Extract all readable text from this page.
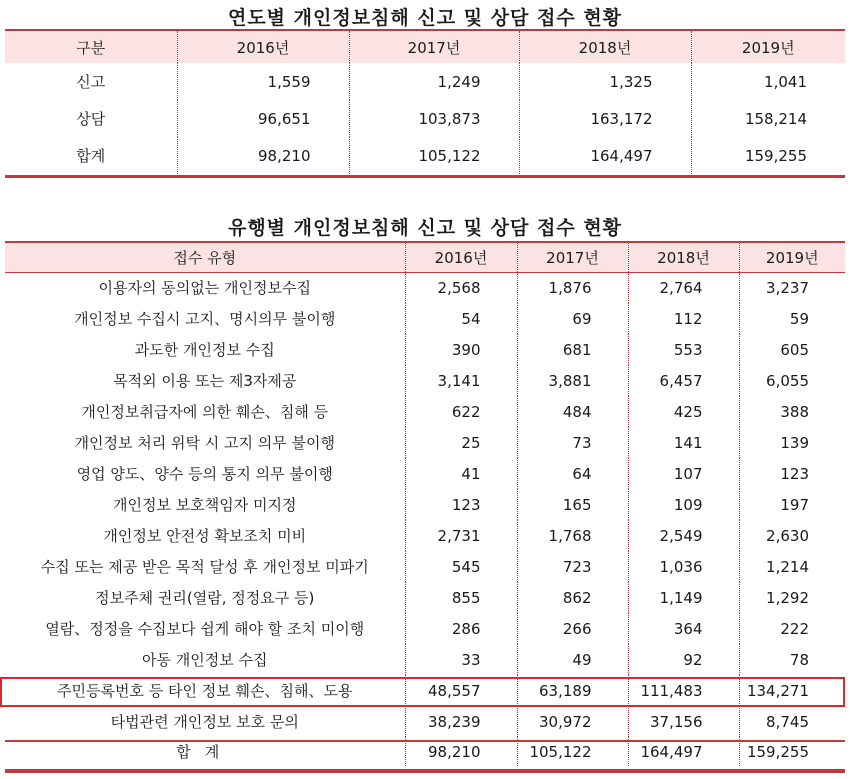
연도별 개인정보침해 신고 및 상담 접수 현황
구분	2016년	2017년	2018년	2019년
신고	1,559	1,249	1,325	1,041
상담	96,651	103,873	163,172	158,214
합계	98,210	105,122	164,497	159,255
유행별 개인정보침해 신고 및 상담 접수 현황
접수 유형	2016년	2017년	2018년	2019년
이용자의 동의없는 개인정보수집	2,568	1,876	2,764	3,237
개인정보 수집시 고지、명시의무 불이행	54	69	112	59
과도한 개인정보 수집	390	681	553	605
목적외 이용 또는 제3자제공	3,141	3,881	6,457	6,055
개인정보취급자에 의한 훼손、침해 등	622	484	425	388
개인정보 처리 위탁 시 고지 의무 불이행	25	73	141	139
영업 양도、양수 등의 통지 의무 불이행	41	64	107	123
개인정보 보호책임자 미지정	123	165	109	197
개인정보 안전성 확보조치 미비	2,731	1,768	2,549	2,630
수집 또는 제공 받은 목적 달성 후 개인정보 미파기	545	723	1,036	1,214
정보주체 권리(열람, 정정요구 등)	855	862	1,149	1,292
열람、정정을 수집보다 쉽게 해야 할 조치 미이행	286	266	364	222
아동 개인정보 수집	33	49	92	78
주민등록번호 등 타인 정보 훼손、침해、도용	48,557	63,189	111,483	134,271
타법관련 개인정보 보호 문의	38,239	30,972	37,156	8,745
합계	98,210	105,122	164,497	159,255
